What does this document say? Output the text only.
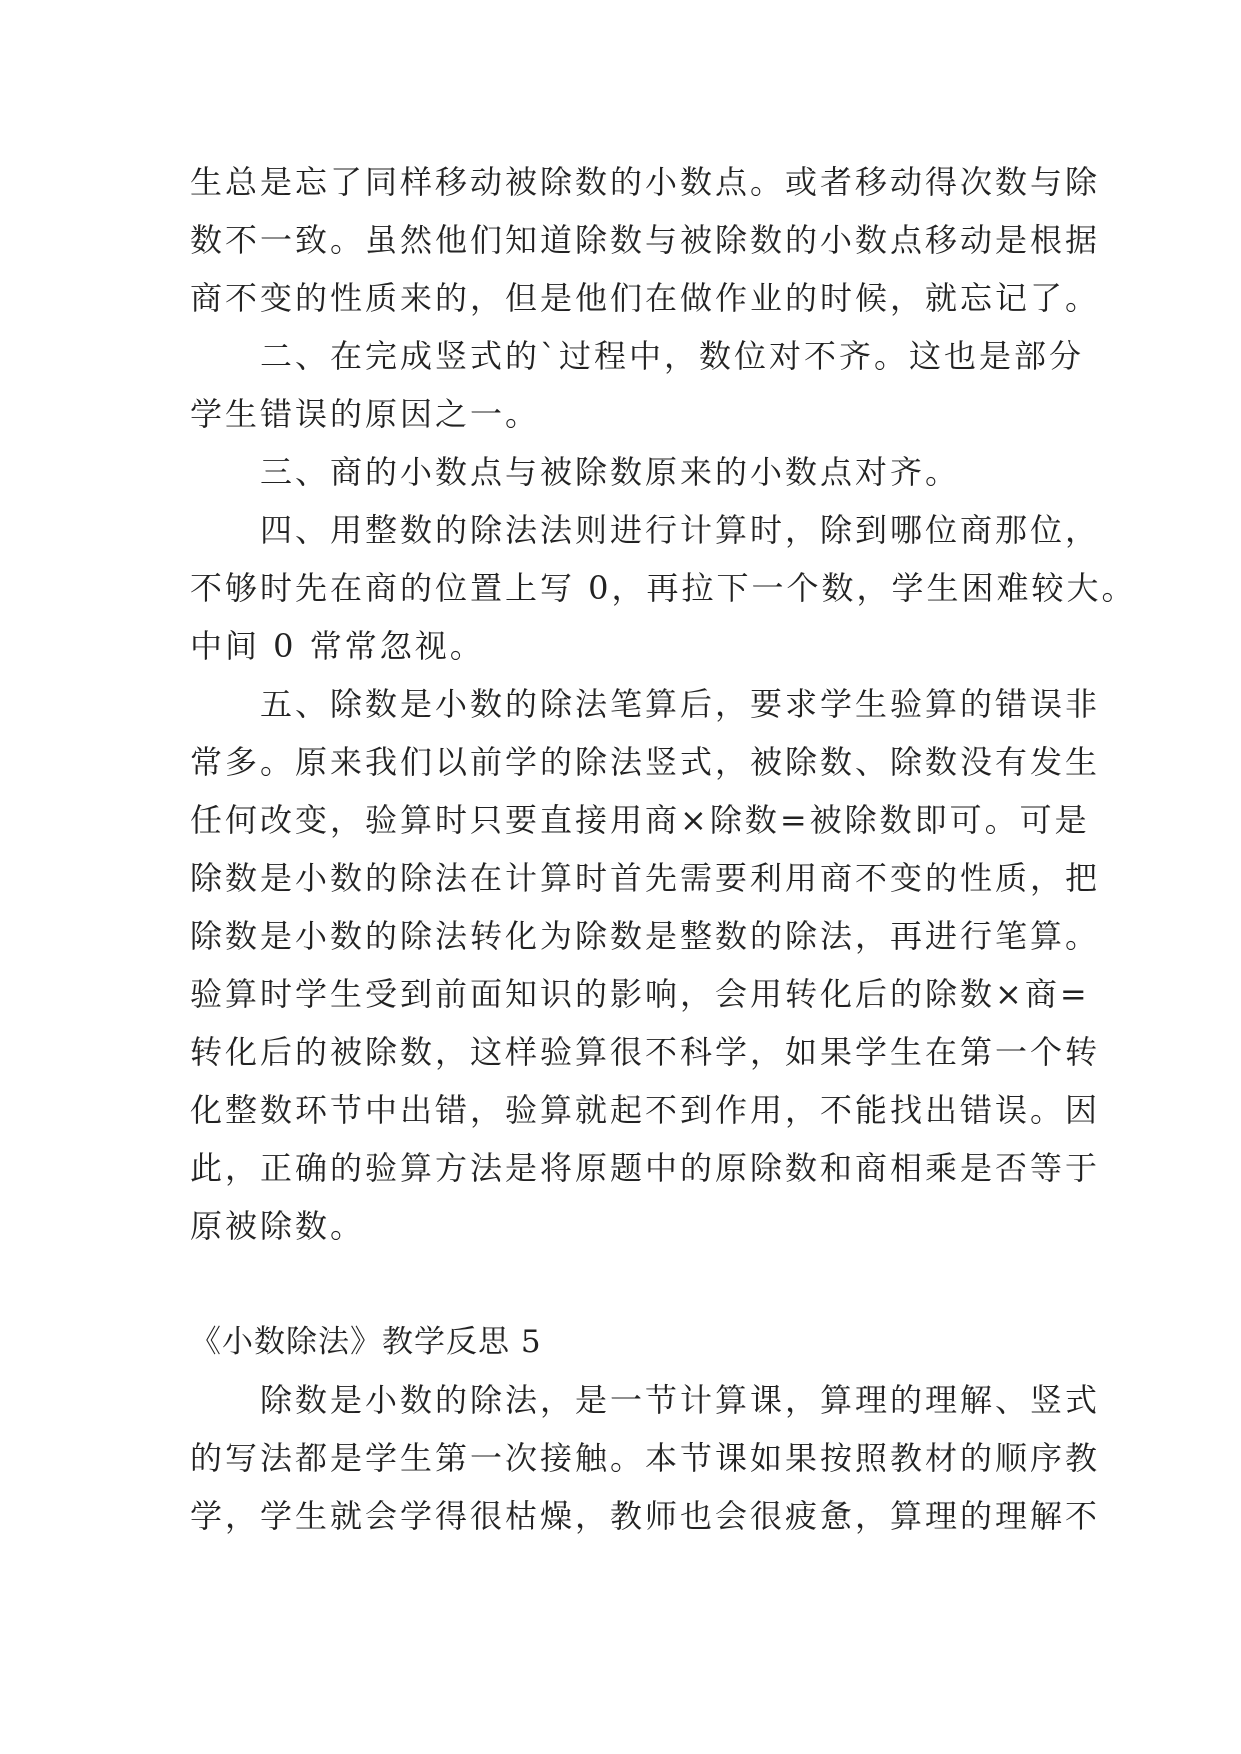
生总是忘了同样移动被除数的小数点。或者移动得次数与除
数不一致。虽然他们知道除数与被除数的小数点移动是根据
商不变的性质来的，但是他们在做作业的时候，就忘记了。
　　二、在完成竖式的`过程中，数位对不齐。这也是部分
学生错误的原因之一。
　　三、商的小数点与被除数原来的小数点对齐。
　　四、用整数的除法法则进行计算时，除到哪位商那位，
不够时先在商的位置上写 0，再拉下一个数，学生困难较大。
中间 0 常常忽视。
　　五、除数是小数的除法笔算后，要求学生验算的错误非
常多。原来我们以前学的除法竖式，被除数、除数没有发生
任何改变，验算时只要直接用商×除数=被除数即可。可是
除数是小数的除法在计算时首先需要利用商不变的性质，把
除数是小数的除法转化为除数是整数的除法，再进行笔算。
验算时学生受到前面知识的影响，会用转化后的除数×商=
转化后的被除数，这样验算很不科学，如果学生在第一个转
化整数环节中出错，验算就起不到作用，不能找出错误。因
此，正确的验算方法是将原题中的原除数和商相乘是否等于
原被除数。
《小数除法》教学反思 5
　　除数是小数的除法，是一节计算课，算理的理解、竖式
的写法都是学生第一次接触。本节课如果按照教材的顺序教
学，学生就会学得很枯燥，教师也会很疲惫，算理的理解不
